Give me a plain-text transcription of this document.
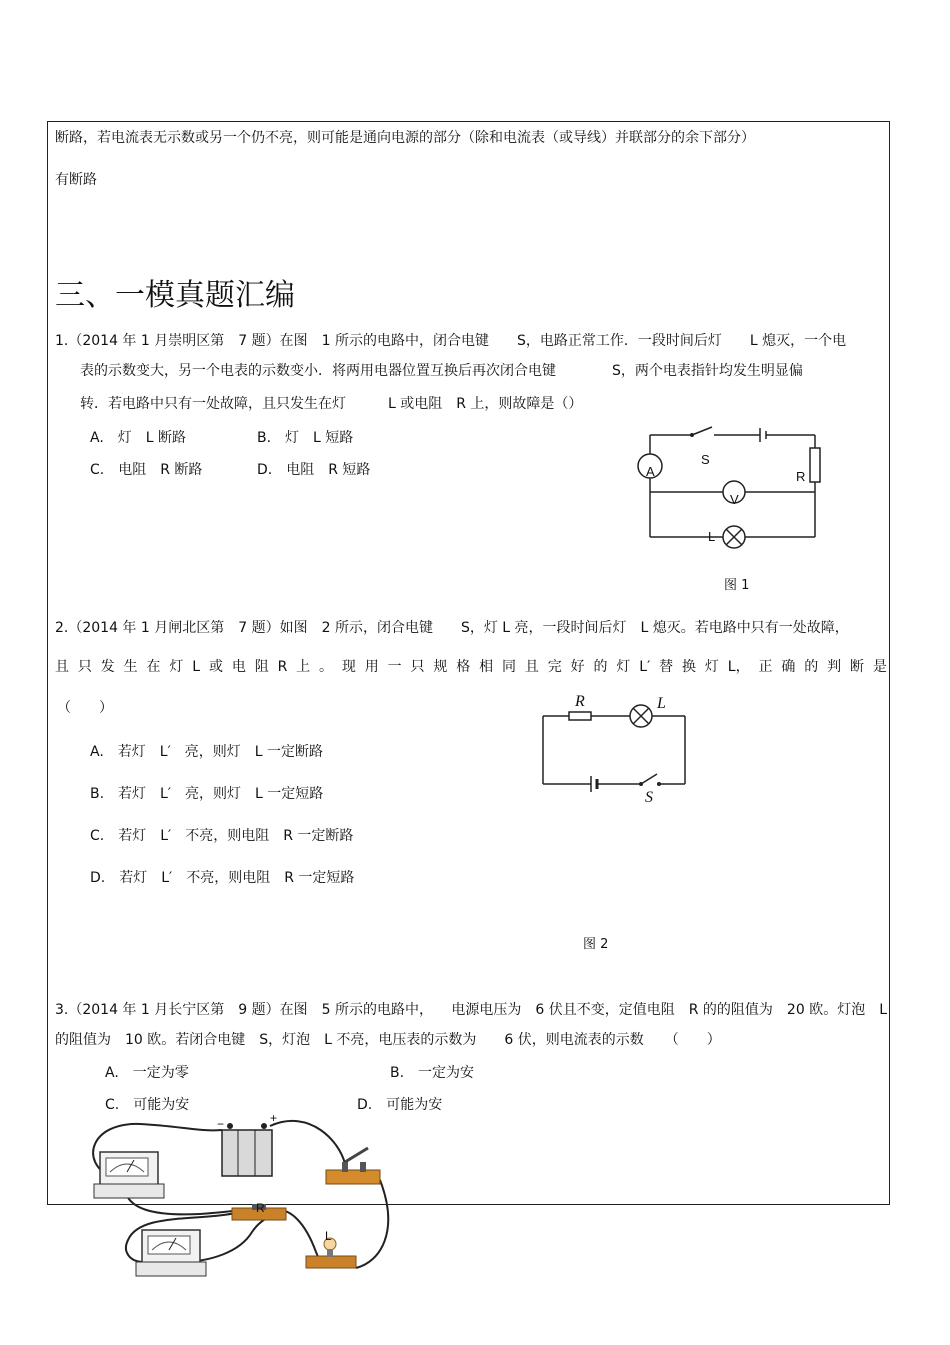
断路，若电流表无示数或另一个仍不亮，则可能是通向电源的部分（除和电流表（或导线）并联部分的余下部分）
有断路
三、一模真题汇编
1.（2014 年 1 月崇明区第　7 题）在图　1 所示的电路中，闭合电键　　S，电路正常工作．一段时间后灯　　L 熄灭，一个电
表的示数变大，另一个电表的示数变小．将两用电器位置互换后再次闭合电键　　　　S，两个电表指针均发生明显偏
转．若电路中只有一处故障，且只发生在灯　　　L 或电阻　R 上，则故障是（）
A.　灯　L 断路	B.　灯　L 短路
C.　电阻　R 断路	D.　电阻　R 短路
S
A	R
V
L
图 1
2.（2014 年 1 月闸北区第　7 题）如图　2 所示，闭合电键　　S，灯 L 亮，一段时间后灯　L 熄灭。若电路中只有一处故障，
且 只 发 生 在 灯 L 或 电 阻 R 上 。 现 用 一 只 规 格 相 同 且 完 好 的 灯 L′ 替 换 灯 L， 正 确 的 判 断 是
（　　）
A.　若灯　L′　亮，则灯　L 一定断路
B.　若灯　L′　亮，则灯　L 一定短路
C.　若灯　L′　不亮，则电阻　R 一定断路
D.　若灯　L′　不亮，则电阻　R 一定短路
R	L
S
图 2
3.（2014 年 1 月长宁区第　9 题）在图　5 所示的电路中， 电源电压为　6 伏且不变，定值电阻　R 的的阻值为　20 欧。灯泡　L
的阻值为　10 欧。若闭合电键　S，灯泡　L 不亮，电压表的示数为　　6 伏，则电流表的示数　　（　　）
A.　一定为零	B.　一定为安
C.　可能为安	D.　可能为安
−	+
R
L
